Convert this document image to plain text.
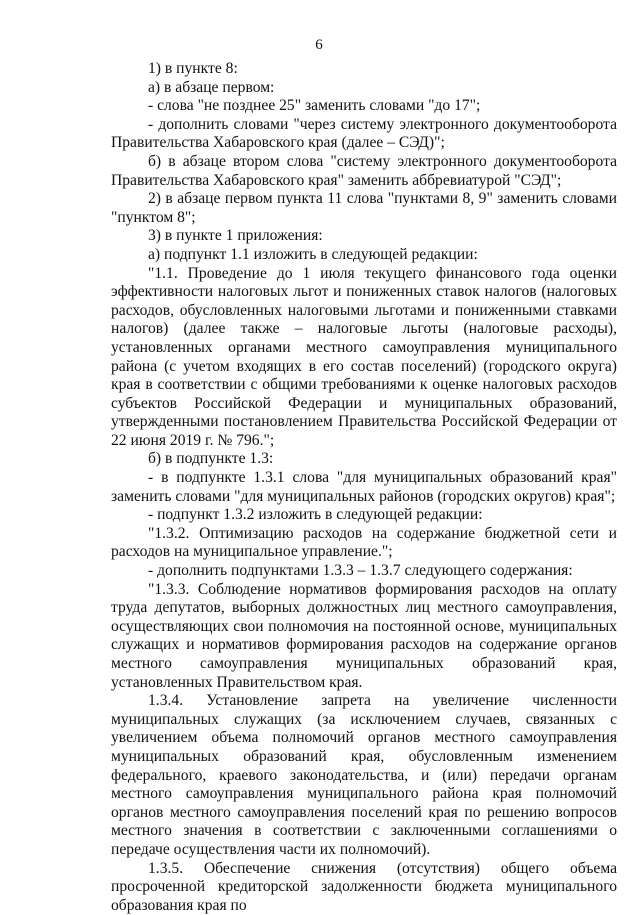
6

1) в пункте 8:

а) в абзаце первом:

- слова "не позднее 25" заменить словами "до 17";

- дополнить словами "через систему электронного документооборота Правительства Хабаровского края (далее – СЭД)";

б) в абзаце втором слова "систему электронного документооборота Правительства Хабаровского края" заменить аббревиатурой "СЭД";

2) в абзаце первом пункта 11 слова "пунктами 8, 9" заменить словами "пунктом 8";

3) в пункте 1 приложения:

а) подпункт 1.1 изложить в следующей редакции:

"1.1. Проведение до 1 июля текущего финансового года оценки эффективности налоговых льгот и пониженных ставок налогов (налоговых расходов, обусловленных налоговыми льготами и пониженными ставками налогов) (далее также – налоговые льготы (налоговые расходы), установленных органами местного самоуправления муниципального района (с учетом входящих в его состав поселений) (городского округа) края в соответствии с общими требованиями к оценке налоговых расходов субъектов Российской Федерации и муниципальных образований, утвержденными постановлением Правительства Российской Федерации от 22 июня 2019 г. № 796.";

б) в подпункте 1.3:

- в подпункте 1.3.1 слова "для муниципальных образований края" заменить словами "для муниципальных районов (городских округов) края";

- подпункт 1.3.2 изложить в следующей редакции:

"1.3.2. Оптимизацию расходов на содержание бюджетной сети и расходов на муниципальное управление.";

- дополнить подпунктами 1.3.3 – 1.3.7 следующего содержания:

"1.3.3. Соблюдение нормативов формирования расходов на оплату труда депутатов, выборных должностных лиц местного самоуправления, осуществляющих свои полномочия на постоянной основе, муниципальных служащих и нормативов формирования расходов на содержание органов местного самоуправления муниципальных образований края, установленных Правительством края.

1.3.4. Установление запрета на увеличение численности муниципальных служащих (за исключением случаев, связанных с увеличением объема полномочий органов местного самоуправления муниципальных образований края, обусловленным изменением федерального, краевого законодательства, и (или) передачи органам местного самоуправления муниципального района края полномочий органов местного самоуправления поселений края по решению вопросов местного значения в соответствии с заключенными соглашениями о передаче осуществления части их полномочий).

1.3.5. Обеспечение снижения (отсутствия) общего объема просроченной кредиторской задолженности бюджета муниципального образования края по
